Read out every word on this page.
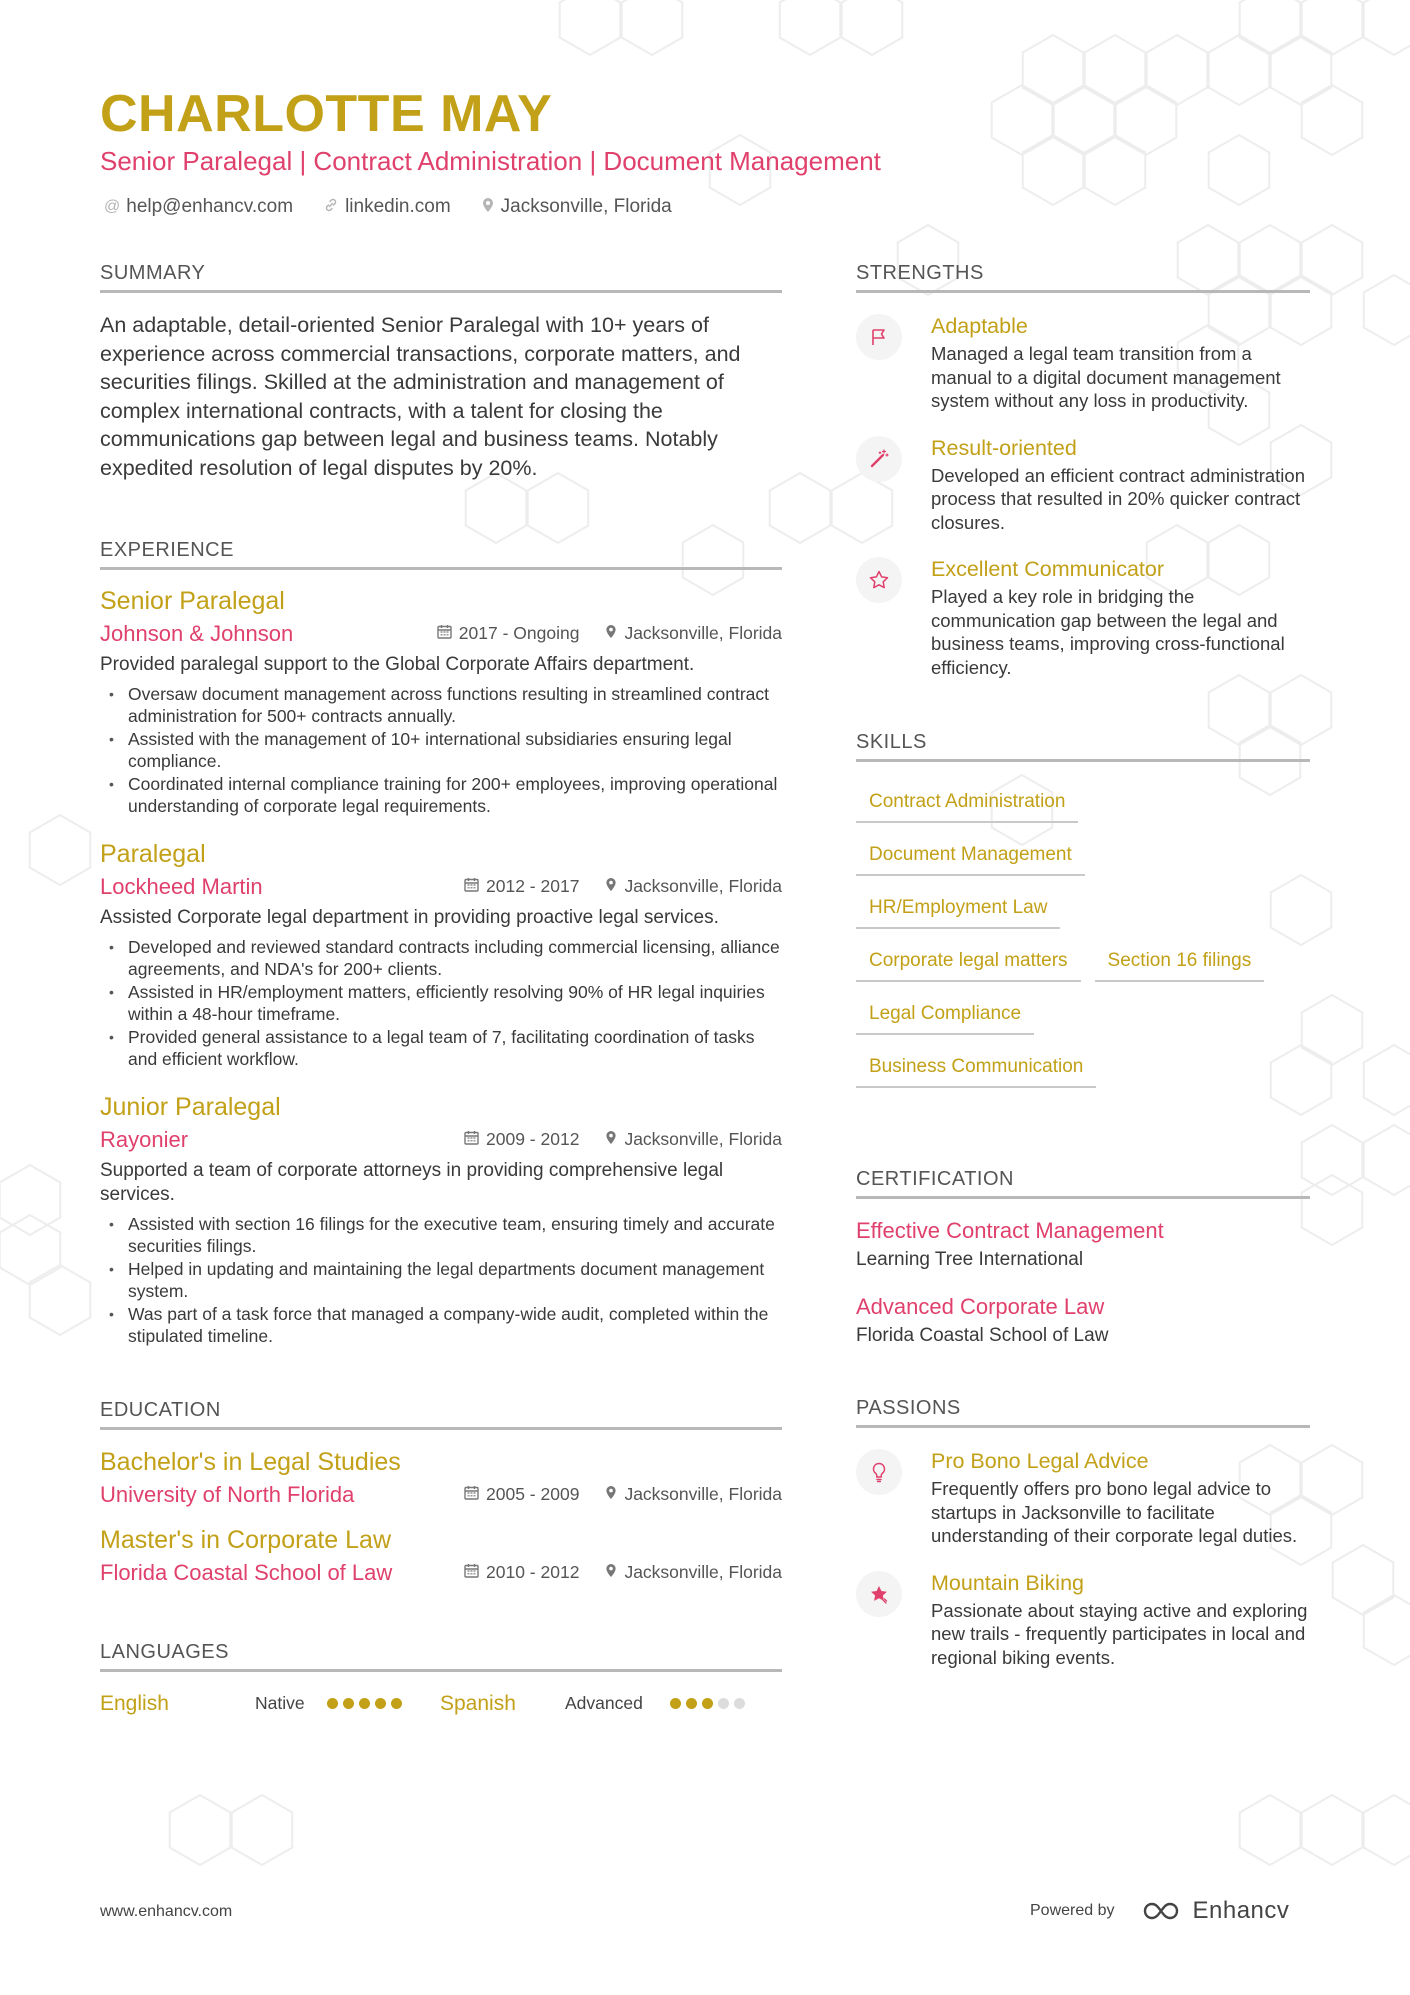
CHARLOTTE MAY
Senior Paralegal | Contract Administration | Document Management
@ help@enhancv.com	linkedin.com	Jacksonville, Florida
SUMMARY

An adaptable, detail-oriented Senior Paralegal with 10+ years of experience across commercial transactions, corporate matters, and securities filings. Skilled at the administration and management of complex international contracts, with a talent for closing the communications gap between legal and business teams. Notably expedited resolution of legal disputes by 20%.

EXPERIENCE
Senior Paralegal
Johnson & Johnson	2017 - Ongoing	Jacksonville, Florida
Provided paralegal support to the Global Corporate Affairs department.
• Oversaw document management across functions resulting in streamlined contract administration for 500+ contracts annually.
• Assisted with the management of 10+ international subsidiaries ensuring legal compliance.
• Coordinated internal compliance training for 200+ employees, improving operational understanding of corporate legal requirements.
Paralegal
Lockheed Martin	2012 - 2017	Jacksonville, Florida
Assisted Corporate legal department in providing proactive legal services.
• Developed and reviewed standard contracts including commercial licensing, alliance agreements, and NDA's for 200+ clients.
• Assisted in HR/employment matters, efficiently resolving 90% of HR legal inquiries within a 48-hour timeframe.
• Provided general assistance to a legal team of 7, facilitating coordination of tasks and efficient workflow.
Junior Paralegal
Rayonier	2009 - 2012	Jacksonville, Florida
Supported a team of corporate attorneys in providing comprehensive legal services.
• Assisted with section 16 filings for the executive team, ensuring timely and accurate securities filings.
• Helped in updating and maintaining the legal departments document management system.
• Was part of a task force that managed a company-wide audit, completed within the stipulated timeline.
EDUCATION
Bachelor's in Legal Studies
University of North Florida	2005 - 2009	Jacksonville, Florida
Master's in Corporate Law
Florida Coastal School of Law	2010 - 2012	Jacksonville, Florida
LANGUAGES
English	Native	Spanish	Advanced
STRENGTHS
Adaptable
Managed a legal team transition from a manual to a digital document management system without any loss in productivity.
Result-oriented
Developed an efficient contract administration process that resulted in 20% quicker contract closures.
Excellent Communicator
Played a key role in bridging the communication gap between the legal and business teams, improving cross-functional efficiency.
SKILLS
Contract Administration
Document Management
HR/Employment Law
Corporate legal matters	Section 16 filings
Legal Compliance
Business Communication
CERTIFICATION
Effective Contract Management
Learning Tree International
Advanced Corporate Law
Florida Coastal School of Law
PASSIONS
Pro Bono Legal Advice
Frequently offers pro bono legal advice to startups in Jacksonville to facilitate understanding of their corporate legal duties.
Mountain Biking
Passionate about staying active and exploring new trails - frequently participates in local and regional biking events.
www.enhancv.com	Powered by	Enhancv
